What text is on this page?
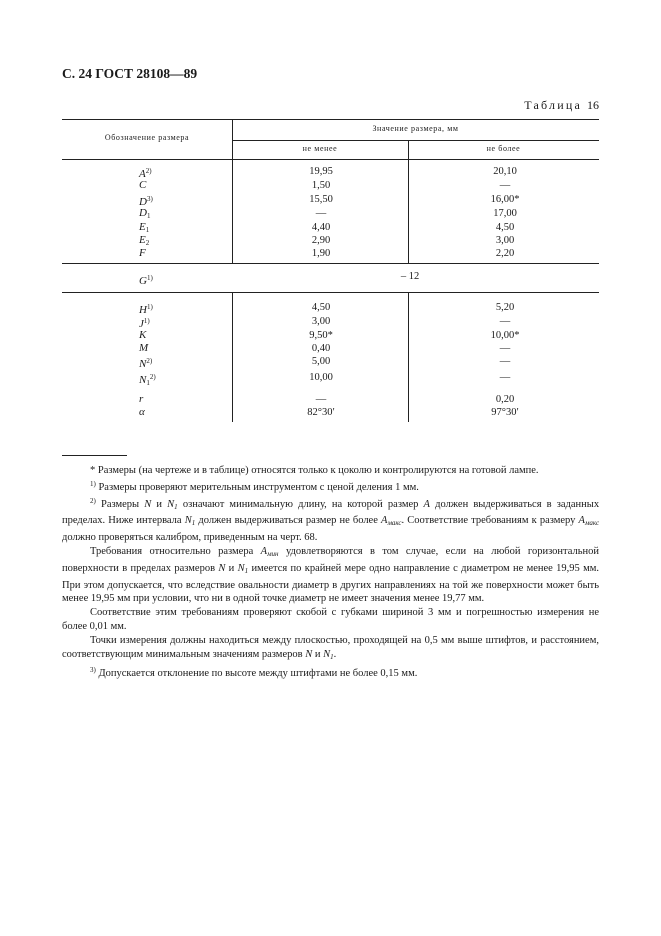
С. 24 ГОСТ 28108—89
Таблица 16
Обозначение размера
Значение размера, мм
не менее	не более
$A^{2)}$	19,95	20,10
C	1,50	—
$D^{3)}$	15,50	16,00*
$D_1$	—	17,00
$E_1$	4,40	4,50
$E_2$	2,90	3,00
F	1,90	2,20
$G^{1)}$	– 12
$H^{1)}$	4,50	5,20
$J^{1)}$	3,00	—
K	9,50*	10,00*
M	0,40	—
$N^{2)}$	5,00	—
$N_1^{2)}$	10,00	—
r	—	0,20
α	82°30′	97°30′

* Размеры (на чертеже и в таблице) относятся только к цоколю и контролируются на готовой лампе.

$^{1)}$ Размеры проверяют мерительным инструментом с ценой деления 1 мм.

$^{2)}$ Размеры N и $N_1$ означают минимальную длину, на которой размер A должен выдерживаться в заданных пределах. Ниже интервала $N_1$ должен выдерживаться размер не более $A_{макс}$. Соответствие требованиям к размеру $A_{макс}$ должно проверяться калибром, приведенным на черт. 68.

Требования относительно размера $A_{мин}$ удовлетворяются в том случае, если на любой горизонтальной поверхности в пределах размеров N и $N_1$ имеется по крайней мере одно направление с диаметром не менее 19,95 мм. При этом допускается, что вследствие овальности диаметр в других направлениях на той же поверхности может быть менее 19,95 мм при условии, что ни в одной точке диаметр не имеет значения менее 19,77 мм.

Соответствие этим требованиям проверяют скобой с губками шириной 3 мм и погрешностью измерения не более 0,01 мм.

Точки измерения должны находиться между плоскостью, проходящей на 0,5 мм выше штифтов, и расстоянием, соответствующим минимальным значениям размеров N и $N_1$.

$^{3)}$ Допускается отклонение по высоте между штифтами не более 0,15 мм.
